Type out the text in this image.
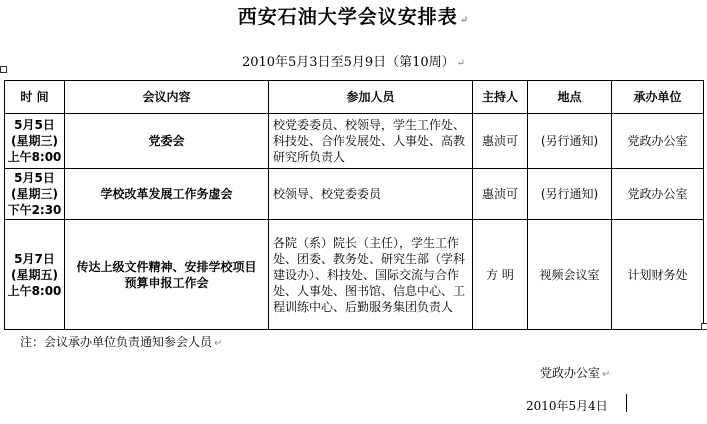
西安石油大学会议安排表 ↵
2010年5月3日至5月9日（第10周） ↵
时 间	会议内容	参加人员	主持人	地点	承办单位

5月5日
(星期三)
上午8:00	党委会	校党委委员、校领导，学生工作处、科技处、合作发展处、人事处、高教研究所负责人	惠浈可	(另行通知)	党政办公室

5月5日
(星期三)
下午2:30	学校改革发展工作务虚会	校领导、校党委委员	惠浈可	(另行通知)	党政办公室

5月7日
(星期五)
上午8:00	传达上级文件精神、安排学校项目预算申报工作会	各院（系）院长（主任），学生工作处、团委、教务处、研究生部（学科建设办）、科技处、国际交流与合作处、人事处、图书馆、信息中心、工程训练中心、后勤服务集团负责人	方 明	视频会议室	计划财务处
注：会议承办单位负责通知参会人员 ↵
党政办公室 ↵
2010年5月4日
